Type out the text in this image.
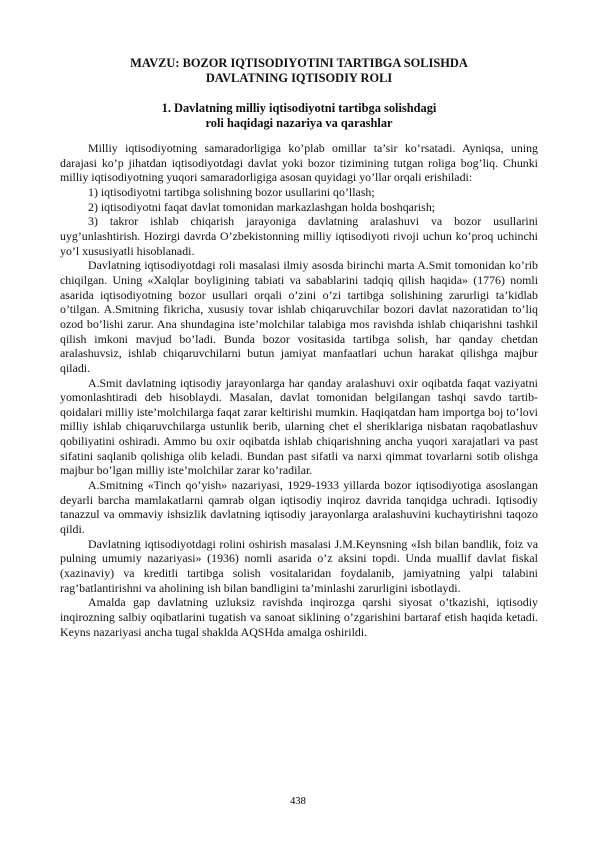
MAVZU: BOZOR IQTISODIYOTINI TARTIBGA SOLISHDA
DAVLATNING IQTISODIY ROLI
1. Davlatning milliy iqtisodiyotni tartibga solishdagi
roli haqidagi nazariya va qarashlar

Milliy iqtisodiyotning samaradorligiga ko’plab omillar ta’sir ko’rsatadi. Ayniqsa, uning darajasi ko’p jihatdan iqtisodiyotdagi davlat yoki bozor tizimining tutgan roliga bog’liq. Chunki milliy iqtisodiyotning yuqori samaradorligiga asosan quyidagi yo’llar orqali erishiladi:

1) iqtisodiyotni tartibga solishning bozor usullarini qo’llash;

2) iqtisodiyotni faqat davlat tomonidan markazlashgan holda boshqarish;

3) takror ishlab chiqarish jarayoniga davlatning aralashuvi va bozor usullarini uyg’unlashtirish. Hozirgi davrda O’zbekistonning milliy iqtisodiyoti rivoji uchun ko’proq uchinchi yo’l xususiyatli hisoblanadi.

Davlatning iqtisodiyotdagi roli masalasi ilmiy asosda birinchi marta A.Smit tomonidan ko’rib chiqilgan. Uning «Xalqlar boyligining tabiati va sabablarini tadqiq qilish haqida» (1776) nomli asarida iqtisodiyotning bozor usullari orqali o’zini o’zi tartibga solishining zarurligi ta’kidlab o’tilgan. A.Smitning fikricha, xususiy tovar ishlab chiqaruvchilar bozori davlat nazoratidan to’liq ozod bo’lishi zarur. Ana shundagina iste’molchilar talabiga mos ravishda ishlab chiqarishni tashkil qilish imkoni mavjud bo’ladi. Bunda bozor vositasida tartibga solish, har qanday chetdan aralashuvsiz, ishlab chiqaruvchilarni butun jamiyat manfaatlari uchun harakat qilishga majbur qiladi.

A.Smit davlatning iqtisodiy jarayonlarga har qanday aralashuvi oxir oqibatda faqat vaziyatni yomonlashtiradi deb hisoblaydi. Masalan, davlat tomonidan belgilangan tashqi savdo tartib-qoidalari milliy iste’molchilarga faqat zarar keltirishi mumkin. Haqiqatdan ham importga boj to’lovi milliy ishlab chiqaruvchilarga ustunlik berib, ularning chet el sheriklariga nisbatan raqobatlashuv qobiliyatini oshiradi. Ammo bu oxir oqibatda ishlab chiqarishning ancha yuqori xarajatlari va past sifatini saqlanib qolishiga olib keladi. Bundan past sifatli va narxi qimmat tovarlarni sotib olishga majbur bo’lgan milliy iste’molchilar zarar ko’radilar.

A.Smitning «Tinch qo’yish» nazariyasi, 1929-1933 yillarda bozor iqtisodiyotiga asoslangan deyarli barcha mamlakatlarni qamrab olgan iqtisodiy inqiroz davrida tanqidga uchradi. Iqtisodiy tanazzul va ommaviy ishsizlik davlatning iqtisodiy jarayonlarga aralashuvini kuchaytirishni taqozo qildi.

Davlatning iqtisodiyotdagi rolini oshirish masalasi J.M.Keynsning «Ish bilan bandlik, foiz va pulning umumiy nazariyasi» (1936) nomli asarida o’z aksini topdi. Unda muallif davlat fiskal (xazinaviy) va kreditli tartibga solish vositalaridan foydalanib, jamiyatning yalpi talabini rag’batlantirishni va aholining ish bilan bandligini ta’minlashi zarurligini isbotlaydi.

Amalda gap davlatning uzluksiz ravishda inqirozga qarshi siyosat o’tkazishi, iqtisodiy inqirozning salbiy oqibatlarini tugatish va sanoat siklining o’zgarishini bartaraf etish haqida ketadi. Keyns nazariyasi ancha tugal shaklda AQSHda amalga oshirildi.

438
